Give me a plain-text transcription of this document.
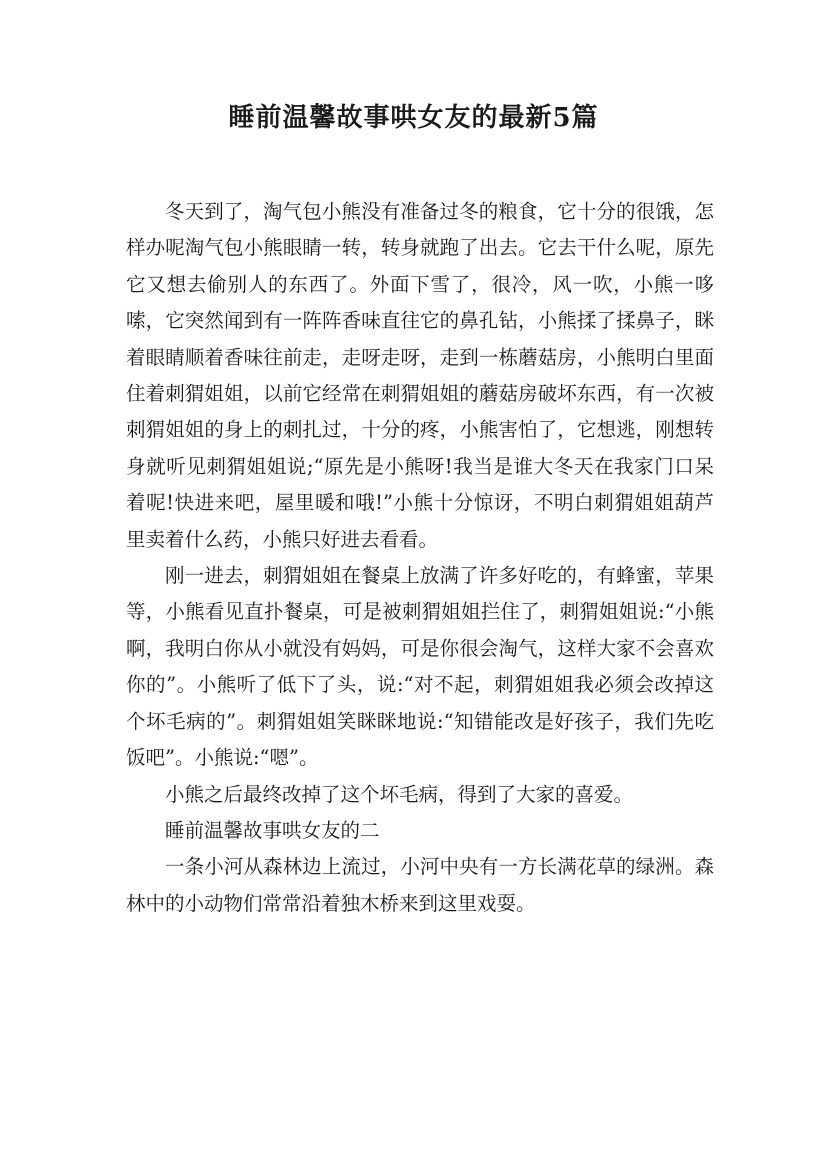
睡前温馨故事哄女友的最新5篇

冬天到了，淘气包小熊没有准备过冬的粮食，它十分的很饿，怎样办呢淘气包小熊眼睛一转，转身就跑了出去。它去干什么呢，原先它又想去偷别人的东西了。外面下雪了，很冷，风一吹，小熊一哆嗦，它突然闻到有一阵阵香味直往它的鼻孔钻，小熊揉了揉鼻子，眯着眼睛顺着香味往前走，走呀走呀，走到一栋蘑菇房，小熊明白里面住着刺猬姐姐，以前它经常在刺猬姐姐的蘑菇房破坏东西，有一次被刺猬姐姐的身上的刺扎过，十分的疼，小熊害怕了，它想逃，刚想转身就听见刺猬姐姐说;“原先是小熊呀!我当是谁大冬天在我家门口呆着呢!快进来吧，屋里暖和哦!”小熊十分惊讶，不明白刺猬姐姐葫芦里卖着什么药，小熊只好进去看看。

刚一进去，刺猬姐姐在餐桌上放满了许多好吃的，有蜂蜜，苹果等，小熊看见直扑餐桌，可是被刺猬姐姐拦住了，刺猬姐姐说:“小熊啊，我明白你从小就没有妈妈，可是你很会淘气，这样大家不会喜欢你的”。小熊听了低下了头，说:“对不起，刺猬姐姐我必须会改掉这个坏毛病的”。刺猬姐姐笑眯眯地说:“知错能改是好孩子，我们先吃饭吧”。小熊说:“嗯”。

小熊之后最终改掉了这个坏毛病，得到了大家的喜爱。

睡前温馨故事哄女友的二

一条小河从森林边上流过，小河中央有一方长满花草的绿洲。森林中的小动物们常常沿着独木桥来到这里戏耍。
